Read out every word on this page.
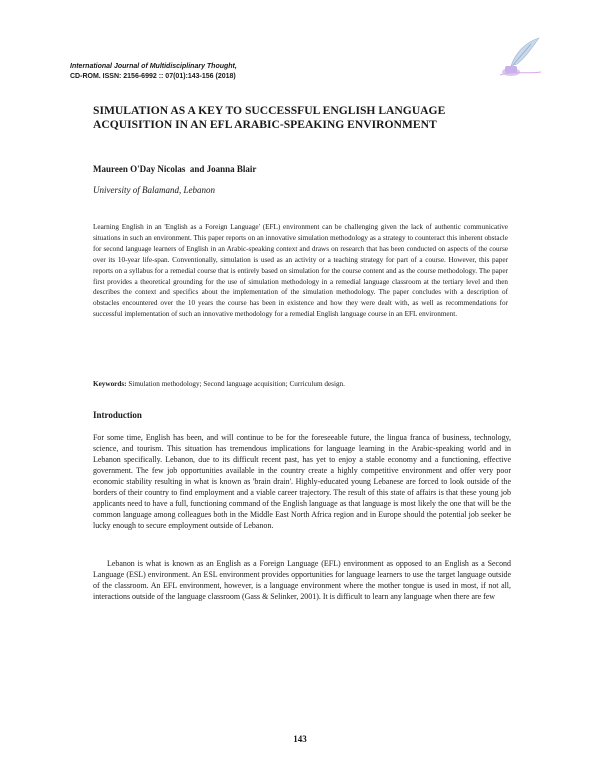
International Journal of Multidisciplinary Thought,
CD-ROM. ISSN: 2156-6992 :: 07(01):143-156 (2018)
SIMULATION AS A KEY TO SUCCESSFUL ENGLISH LANGUAGE ACQUISITION IN AN EFL ARABIC-SPEAKING ENVIRONMENT
Maureen O'Day Nicolas  and Joanna Blair
University of Balamand, Lebanon
Learning English in an 'English as a Foreign Language' (EFL) environment can be challenging given the lack of authentic communicative situations in such an environment. This paper reports on an innovative simulation methodology as a strategy to counteract this inherent obstacle for second language learners of English in an Arabic-speaking context and draws on research that has been conducted on aspects of the course over its 10-year life-span. Conventionally, simulation is used as an activity or a teaching strategy for part of a course. However, this paper reports on a syllabus for a remedial course that is entirely based on simulation for the course content and as the course methodology. The paper first provides a theoretical grounding for the use of simulation methodology in a remedial language classroom at the tertiary level and then describes the context and specifics about the implementation of the simulation methodology. The paper concludes with a description of obstacles encountered over the 10 years the course has been in existence and how they were dealt with, as well as recommendations for successful implementation of such an innovative methodology for a remedial English language course in an EFL environment.
Keywords: Simulation methodology; Second language acquisition; Curriculum design.
Introduction

For some time, English has been, and will continue to be for the foreseeable future, the lingua franca of business, technology, science, and tourism. This situation has tremendous implications for language learning in the Arabic-speaking world and in Lebanon specifically. Lebanon, due to its difficult recent past, has yet to enjoy a stable economy and a functioning, effective government. The few job opportunities available in the country create a highly competitive environment and offer very poor economic stability resulting in what is known as 'brain drain'. Highly-educated young Lebanese are forced to look outside of the borders of their country to find employment and a viable career trajectory. The result of this state of affairs is that these young job applicants need to have a full, functioning command of the English language as that language is most likely the one that will be the common language among colleagues both in the Middle East North Africa region and in Europe should the potential job seeker be lucky enough to secure employment outside of Lebanon.

Lebanon is what is known as an English as a Foreign Language (EFL) environment as opposed to an English as a Second Language (ESL) environment. An ESL environment provides opportunities for language learners to use the target language outside of the classroom. An EFL environment, however, is a language environment where the mother tongue is used in most, if not all, interactions outside of the language classroom (Gass & Selinker, 2001). It is difficult to learn any language when there are few

143
